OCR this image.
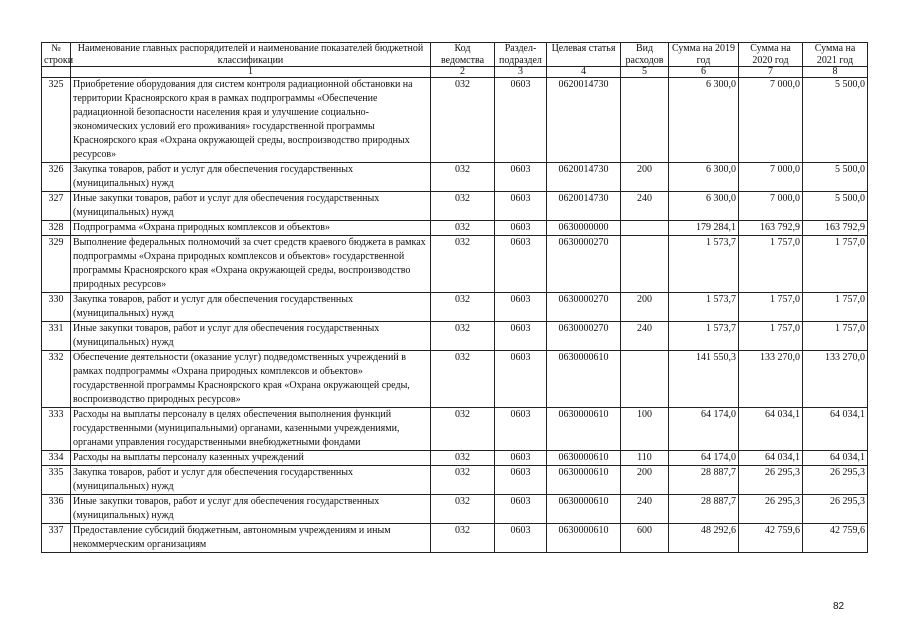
№ строки	Наименование главных распорядителей и наименование показателей бюджетной классификации	Код ведомства	Раздел-подраздел	Целевая статья	Вид расходов	Сумма на 2019 год	Сумма на 2020 год	Сумма на 2021 год
	1	2	3	4	5	6	7	8
325	Приобретение оборудования для систем контроля радиационной обстановки на территории Красноярского края в рамках подпрограммы «Обеспечение радиационной безопасности населения края и улучшение социально-экономических условий его проживания» государственной программы Красноярского края «Охрана окружающей среды, воспроизводство природных ресурсов»	032	0603	0620014730		6 300,0	7 000,0	5 500,0
326	Закупка товаров, работ и услуг для обеспечения государственных (муниципальных) нужд	032	0603	0620014730	200	6 300,0	7 000,0	5 500,0
327	Иные закупки товаров, работ и услуг для обеспечения государственных (муниципальных) нужд	032	0603	0620014730	240	6 300,0	7 000,0	5 500,0
328	Подпрограмма «Охрана природных комплексов и объектов»	032	0603	0630000000		179 284,1	163 792,9	163 792,9
329	Выполнение федеральных полномочий за счет средств краевого бюджета в рамках подпрограммы «Охрана природных комплексов и объектов» государственной программы Красноярского края «Охрана окружающей среды, воспроизводство природных ресурсов»	032	0603	0630000270		1 573,7	1 757,0	1 757,0
330	Закупка товаров, работ и услуг для обеспечения государственных (муниципальных) нужд	032	0603	0630000270	200	1 573,7	1 757,0	1 757,0
331	Иные закупки товаров, работ и услуг для обеспечения государственных (муниципальных) нужд	032	0603	0630000270	240	1 573,7	1 757,0	1 757,0
332	Обеспечение деятельности (оказание услуг) подведомственных учреждений в рамках подпрограммы «Охрана природных комплексов и объектов» государственной программы Красноярского края «Охрана окружающей среды, воспроизводство природных ресурсов»	032	0603	0630000610		141 550,3	133 270,0	133 270,0
333	Расходы на выплаты персоналу в целях обеспечения выполнения функций государственными (муниципальными) органами, казенными учреждениями, органами управления государственными внебюджетными фондами	032	0603	0630000610	100	64 174,0	64 034,1	64 034,1
334	Расходы на выплаты персоналу казенных учреждений	032	0603	0630000610	110	64 174,0	64 034,1	64 034,1
335	Закупка товаров, работ и услуг для обеспечения государственных (муниципальных) нужд	032	0603	0630000610	200	28 887,7	26 295,3	26 295,3
336	Иные закупки товаров, работ и услуг для обеспечения государственных (муниципальных) нужд	032	0603	0630000610	240	28 887,7	26 295,3	26 295,3
337	Предоставление субсидий бюджетным, автономным учреждениям и иным некоммерческим организациям	032	0603	0630000610	600	48 292,6	42 759,6	42 759,6
82
